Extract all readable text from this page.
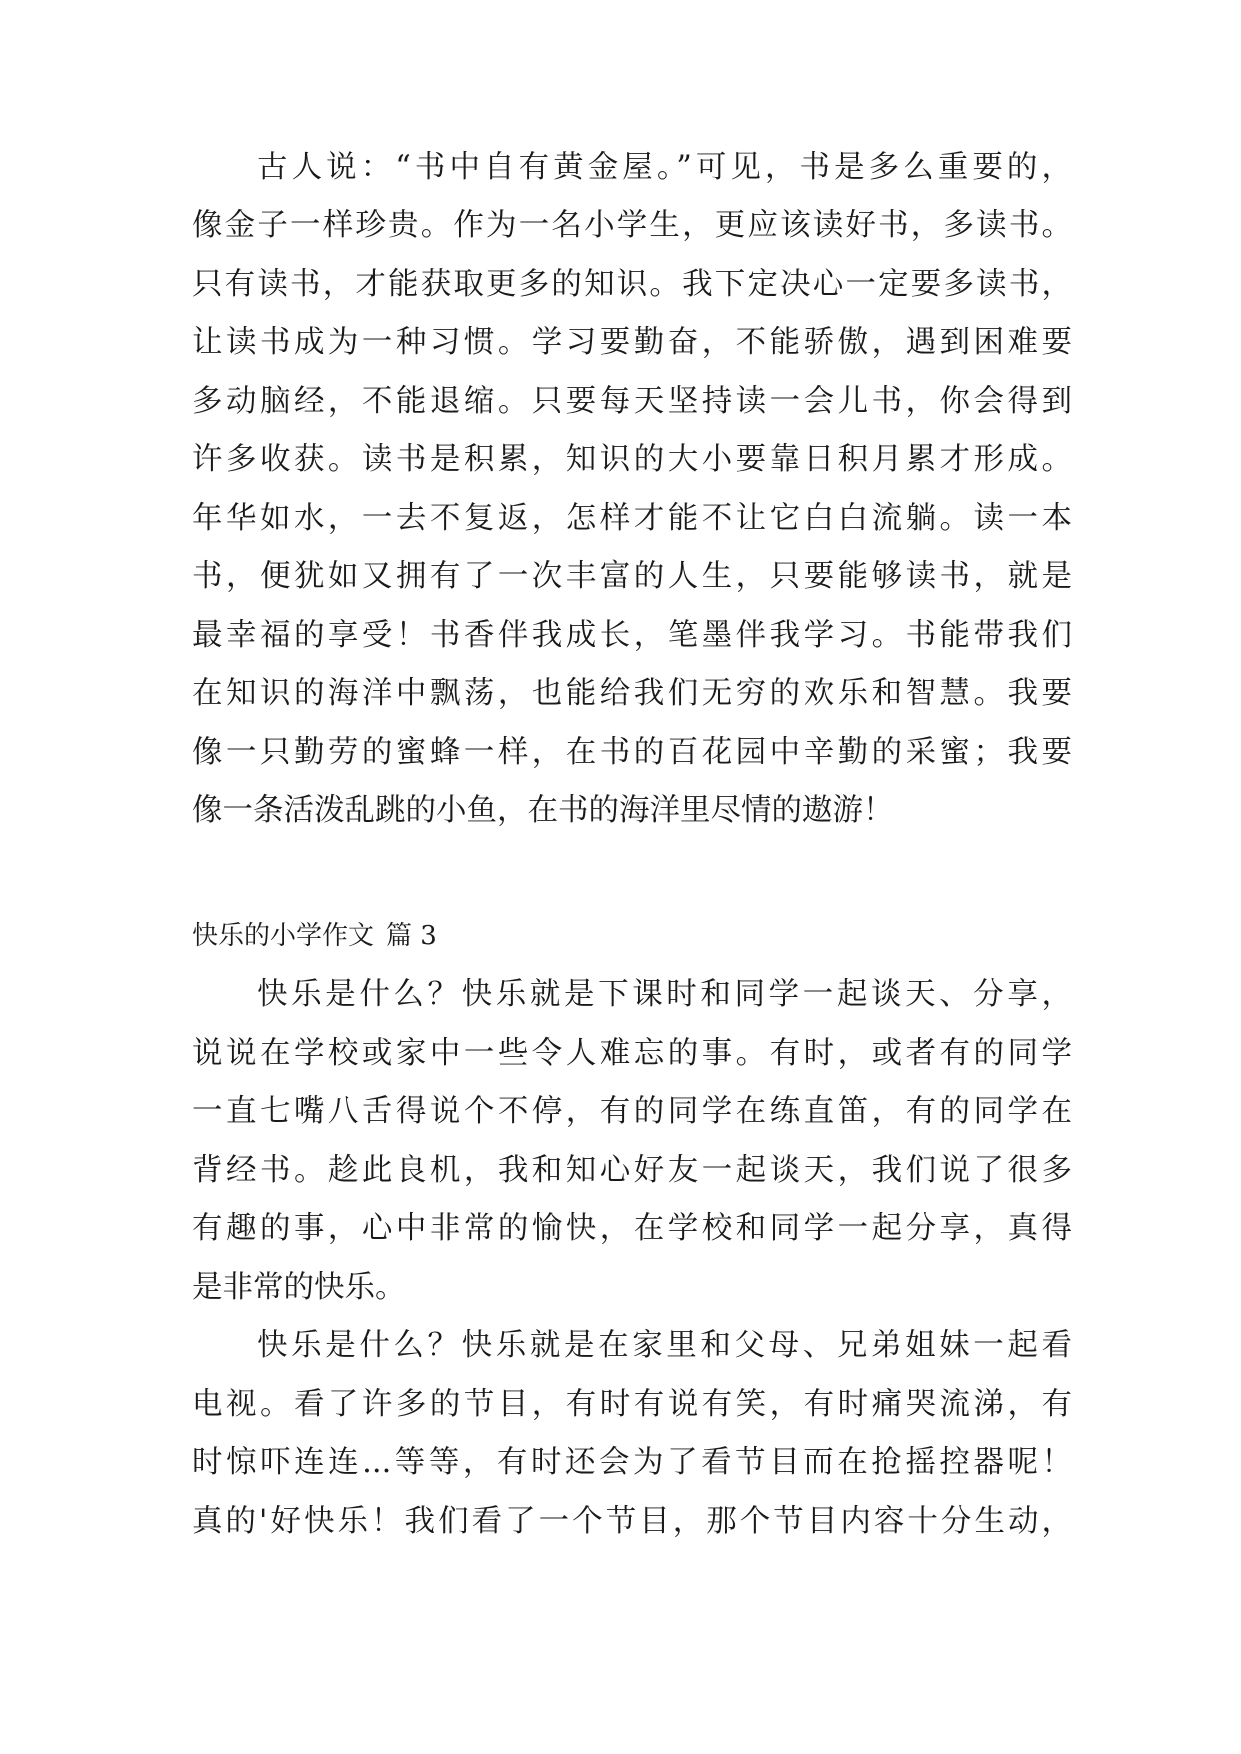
古人说：“书中自有黄金屋。”可见，书是多么重要的，
像金子一样珍贵。作为一名小学生，更应该读好书，多读书。
只有读书，才能获取更多的知识。我下定决心一定要多读书，
让读书成为一种习惯。学习要勤奋，不能骄傲，遇到困难要
多动脑经，不能退缩。只要每天坚持读一会儿书，你会得到
许多收获。读书是积累，知识的大小要靠日积月累才形成。
年华如水，一去不复返，怎样才能不让它白白流躺。读一本
书，便犹如又拥有了一次丰富的人生，只要能够读书，就是
最幸福的享受！书香伴我成长，笔墨伴我学习。书能带我们
在知识的海洋中飘荡，也能给我们无穷的欢乐和智慧。我要
像一只勤劳的蜜蜂一样，在书的百花园中辛勤的采蜜；我要
像一条活泼乱跳的小鱼，在书的海洋里尽情的遨游！
快乐的小学作文 篇 3
快乐是什么？快乐就是下课时和同学一起谈天、分享，
说说在学校或家中一些令人难忘的事。有时，或者有的同学
一直七嘴八舌得说个不停，有的同学在练直笛，有的同学在
背经书。趁此良机，我和知心好友一起谈天，我们说了很多
有趣的事，心中非常的愉快，在学校和同学一起分享，真得
是非常的快乐。
快乐是什么？快乐就是在家里和父母、兄弟姐妹一起看
电视。看了许多的节目，有时有说有笑，有时痛哭流涕，有
时惊吓连连...等等，有时还会为了看节目而在抢摇控器呢！
真的'好快乐！我们看了一个节目，那个节目内容十分生动，
